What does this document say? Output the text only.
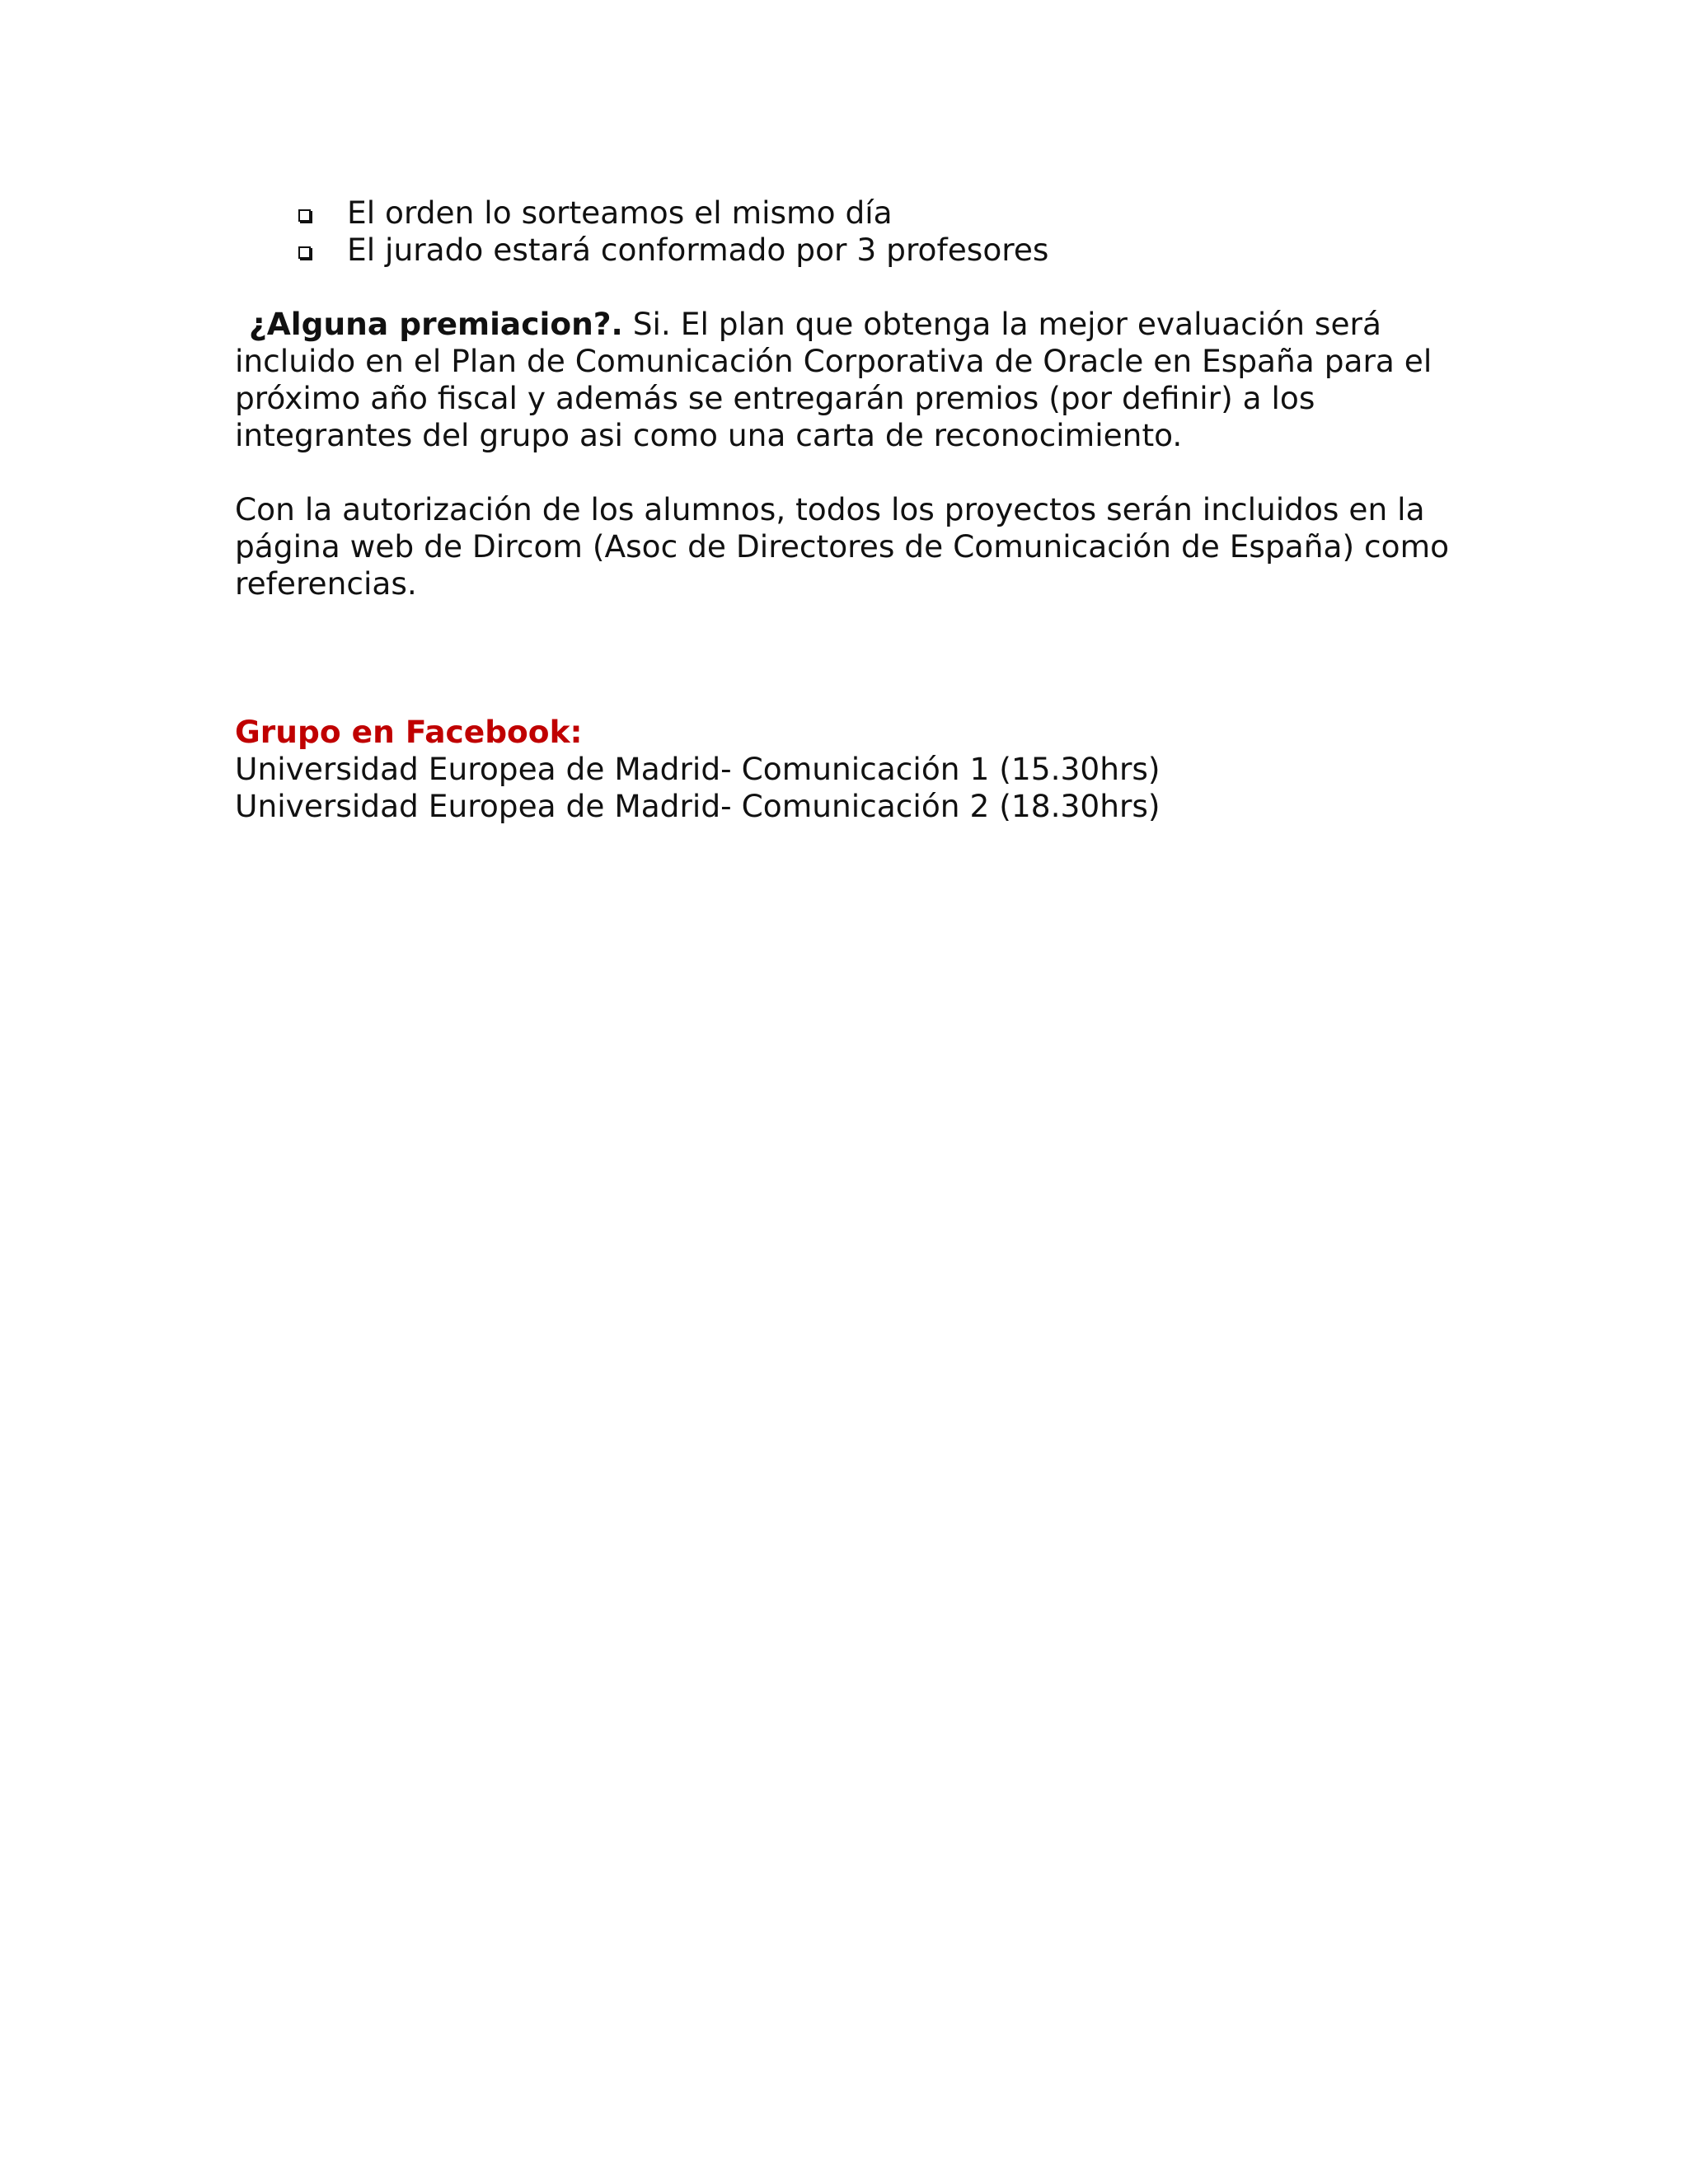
El orden lo sorteamos el mismo día
El jurado estará conformado por 3 profesores

¿Alguna premiacion?. Si. El plan que obtenga la mejor evaluación será
incluido en el Plan de Comunicación Corporativa de Oracle en España para el
próximo año fiscal y además se entregarán premios (por definir) a los
integrantes del grupo asi como una carta de reconocimiento.

Con la autorización de los alumnos, todos los proyectos serán incluidos en la
página web de Dircom (Asoc de Directores de Comunicación de España) como
referencias.

Grupo en Facebook:

Universidad Europea de Madrid- Comunicación 1 (15.30hrs)

Universidad Europea de Madrid- Comunicación 2 (18.30hrs)
